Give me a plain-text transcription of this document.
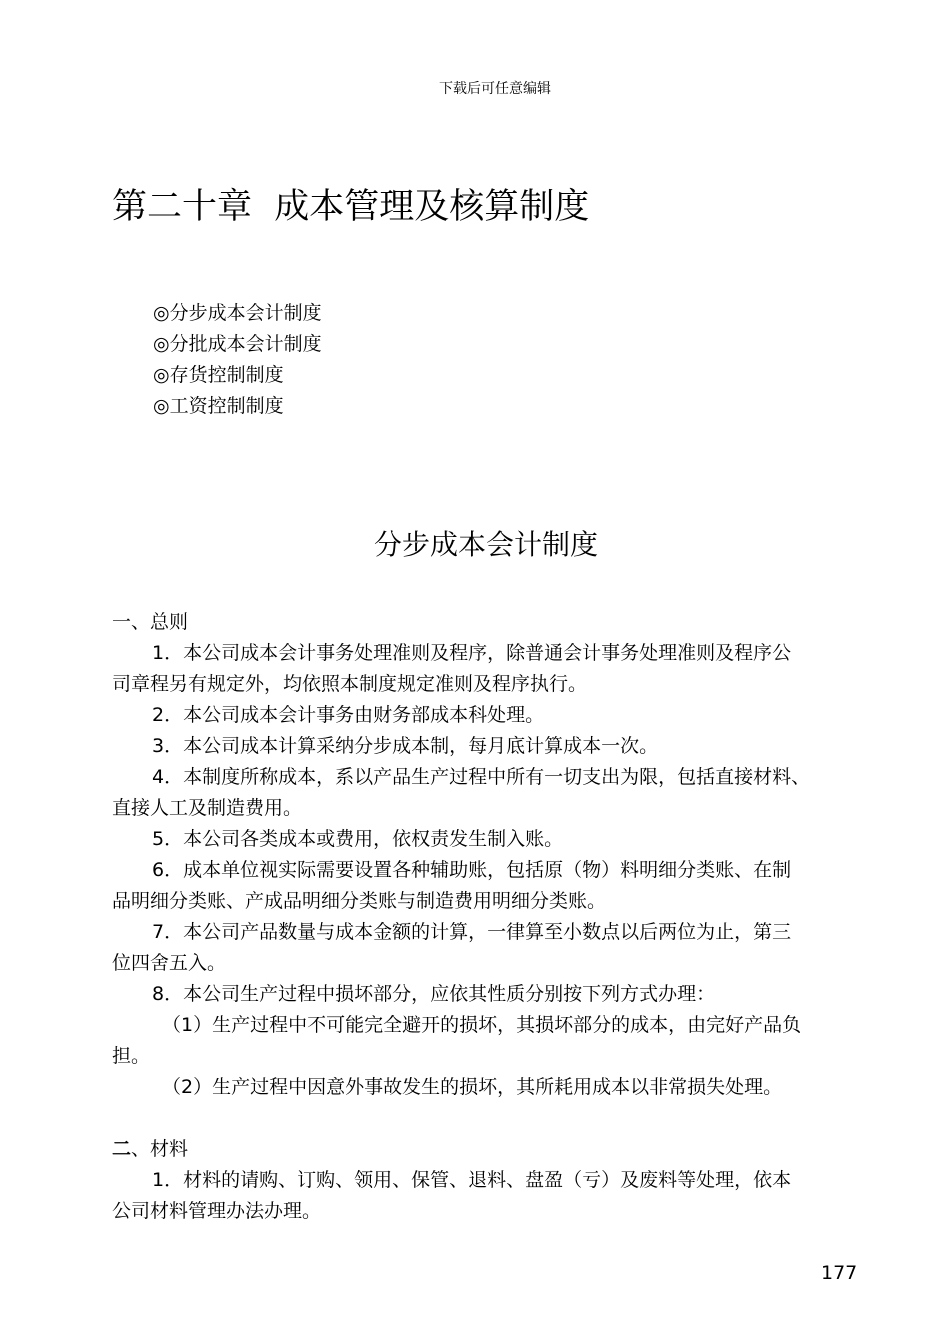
下载后可任意编辑
第二十章 成本管理及核算制度
◎分步成本会计制度
◎分批成本会计制度
◎存货控制制度
◎工资控制制度
分步成本会计制度

一、总则

1．本公司成本会计事务处理准则及程序，除普通会计事务处理准则及程序公

司章程另有规定外，均依照本制度规定准则及程序执行。

2．本公司成本会计事务由财务部成本科处理。

3．本公司成本计算采纳分步成本制，每月底计算成本一次。

4．本制度所称成本，系以产品生产过程中所有一切支出为限，包括直接材料、

直接人工及制造费用。

5．本公司各类成本或费用，依权责发生制入账。

6．成本单位视实际需要设置各种辅助账，包括原（物）料明细分类账、在制

品明细分类账、产成品明细分类账与制造费用明细分类账。

7．本公司产品数量与成本金额的计算，一律算至小数点以后两位为止，第三

位四舍五入。

8．本公司生产过程中损坏部分，应依其性质分别按下列方式办理：

（1）生产过程中不可能完全避开的损坏，其损坏部分的成本，由完好产品负

担。

（2）生产过程中因意外事故发生的损坏，其所耗用成本以非常损失处理。

二、材料

1．材料的请购、订购、领用、保管、退料、盘盈（亏）及废料等处理，依本

公司材料管理办法办理。

177
